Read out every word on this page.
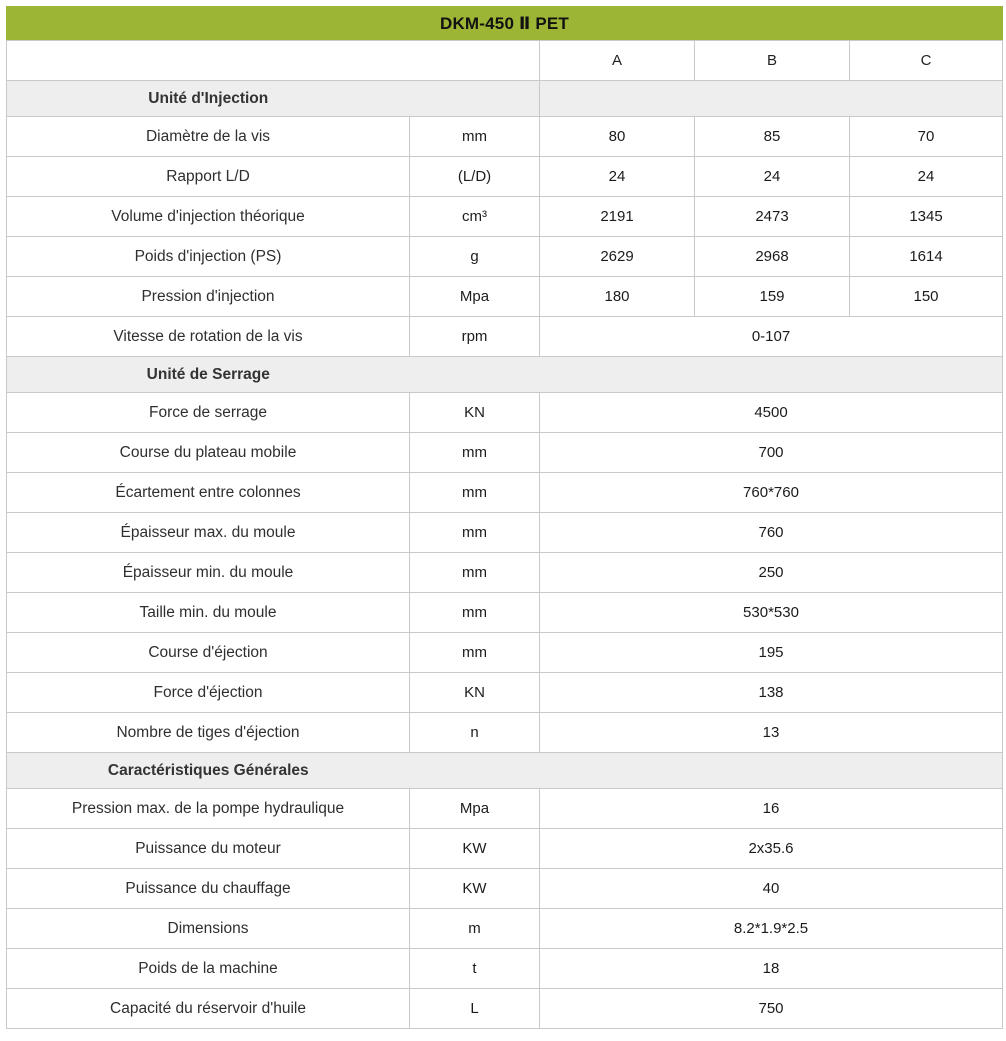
DKM-450 Ⅱ PET				
		A	B	C
Unité d'Injection				
Diamètre de la vis	mm	80	85	70
Rapport L/D	(L/D)	24	24	24
Volume d'injection théorique	cm³	2191	2473	1345
Poids d'injection (PS)	g	2629	2968	1614
Pression d'injection	Mpa	180	159	150
Vitesse de rotation de la vis	rpm	0-107		
Unité de Serrage				
Force de serrage	KN	4500		
Course du plateau mobile	mm	700		
Écartement entre colonnes	mm	760*760		
Épaisseur max. du moule	mm	760		
Épaisseur min. du moule	mm	250		
Taille min. du moule	mm	530*530		
Course d'éjection	mm	195		
Force d'éjection	KN	138		
Nombre de tiges d'éjection	n	13		
Caractéristiques Générales				
Pression max. de la pompe hydraulique	Mpa	16		
Puissance du moteur	KW	2x35.6		
Puissance du chauffage	KW	40		
Dimensions	m	8.2*1.9*2.5		
Poids de la machine	t	18		
Capacité du réservoir d'huile	L	750		
